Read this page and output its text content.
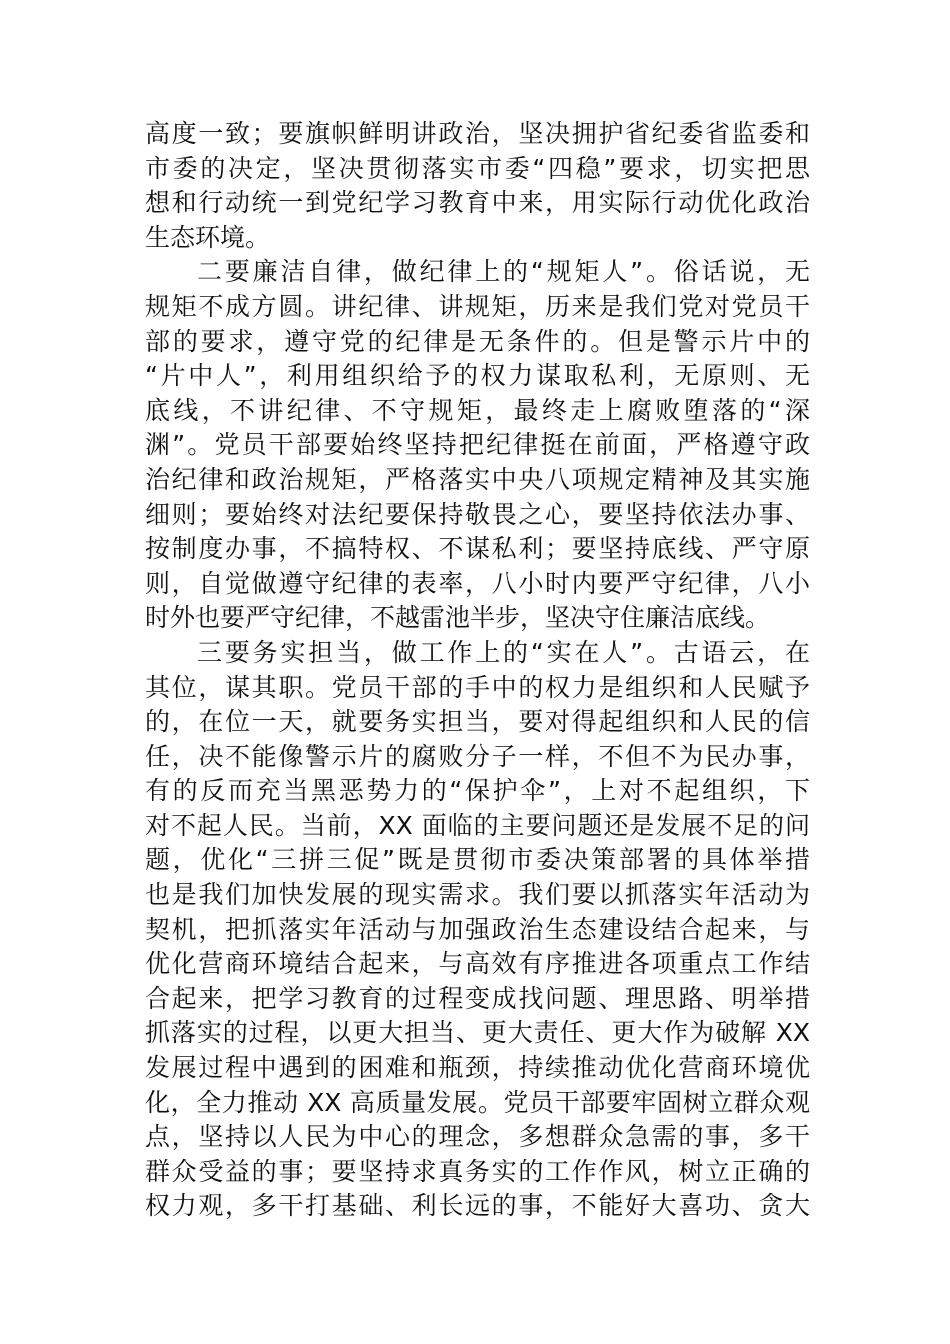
高度一致；要旗帜鲜明讲政治，坚决拥护省纪委省监委和
市委的决定，坚决贯彻落实市委“四稳”要求，切实把思
想和行动统一到党纪学习教育中来，用实际行动优化政治
生态环境。
二要廉洁自律，做纪律上的“规矩人”。俗话说，无
规矩不成方圆。讲纪律、讲规矩，历来是我们党对党员干
部的要求，遵守党的纪律是无条件的。但是警示片中的
“片中人”，利用组织给予的权力谋取私利，无原则、无
底线，不讲纪律、不守规矩，最终走上腐败堕落的“深
渊”。党员干部要始终坚持把纪律挺在前面，严格遵守政
治纪律和政治规矩，严格落实中央八项规定精神及其实施
细则；要始终对法纪要保持敬畏之心，要坚持依法办事、
按制度办事，不搞特权、不谋私利；要坚持底线、严守原
则，自觉做遵守纪律的表率，八小时内要严守纪律，八小
时外也要严守纪律，不越雷池半步，坚决守住廉洁底线。
三要务实担当，做工作上的“实在人”。古语云，在
其位，谋其职。党员干部的手中的权力是组织和人民赋予
的，在位一天，就要务实担当，要对得起组织和人民的信
任，决不能像警示片的腐败分子一样，不但不为民办事，
有的反而充当黑恶势力的“保护伞”，上对不起组织，下
对不起人民。当前，XX 面临的主要问题还是发展不足的问
题，优化“三拼三促”既是贯彻市委决策部署的具体举措
也是我们加快发展的现实需求。我们要以抓落实年活动为
契机，把抓落实年活动与加强政治生态建设结合起来，与
优化营商环境结合起来，与高效有序推进各项重点工作结
合起来，把学习教育的过程变成找问题、理思路、明举措
抓落实的过程，以更大担当、更大责任、更大作为破解 XX
发展过程中遇到的困难和瓶颈，持续推动优化营商环境优
化，全力推动 XX 高质量发展。党员干部要牢固树立群众观
点，坚持以人民为中心的理念，多想群众急需的事，多干
群众受益的事；要坚持求真务实的工作作风，树立正确的
权力观，多干打基础、利长远的事，不能好大喜功、贪大
